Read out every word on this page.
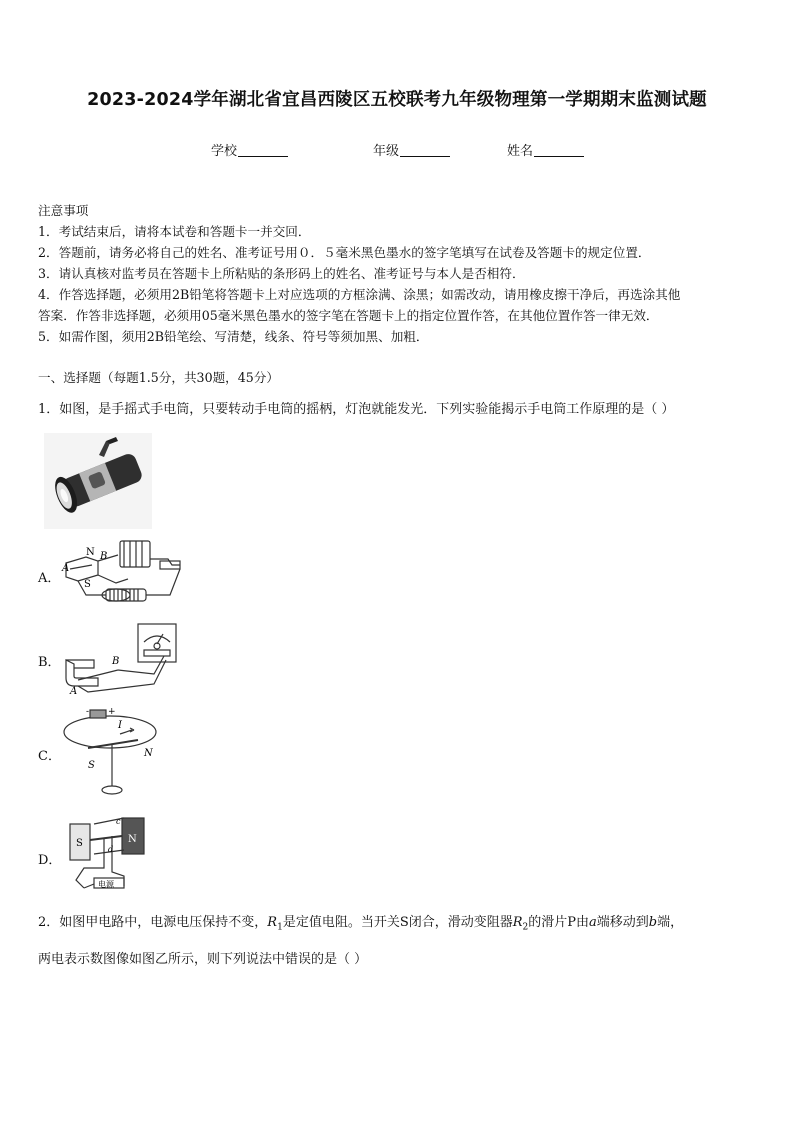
2023-2024学年湖北省宜昌西陵区五校联考九年级物理第一学期期末监测试题
学校	年级	姓名
注意事项
1．考试结束后，请将本试卷和答题卡一并交回．
2．答题前，请务必将自己的姓名、准考证号用０．５毫米黑色墨水的签字笔填写在试卷及答题卡的规定位置．
3．请认真核对监考员在答题卡上所粘贴的条形码上的姓名、准考证号与本人是否相符．
4．作答选择题，必须用2B铅笔将答题卡上对应选项的方框涂满、涂黑；如需改动，请用橡皮擦干净后，再选涂其他
答案．作答非选择题，必须用05毫米黑色墨水的签字笔在答题卡上的指定位置作答，在其他位置作答一律无效．
5．如需作图，须用2B铅笔绘、写清楚，线条、符号等须加黑、加粗．
一、选择题（每题1.5分，共30题，45分）
1．如图，是手摇式手电筒，只要转动手电筒的摇柄，灯泡就能发光．下列实验能揭示手电筒工作原理的是（ ）
A．
N
A
S
B
B．	B
A
C．
- +
I
S
N
D．
S	N
c
d
电源
2．如图甲电路中，电源电压保持不变，$R_1$是定值电阻。当开关S闭合，滑动变阻器$R_2$的滑片P由a端移动到b端，
两电表示数图像如图乙所示，则下列说法中错误的是（ ）
